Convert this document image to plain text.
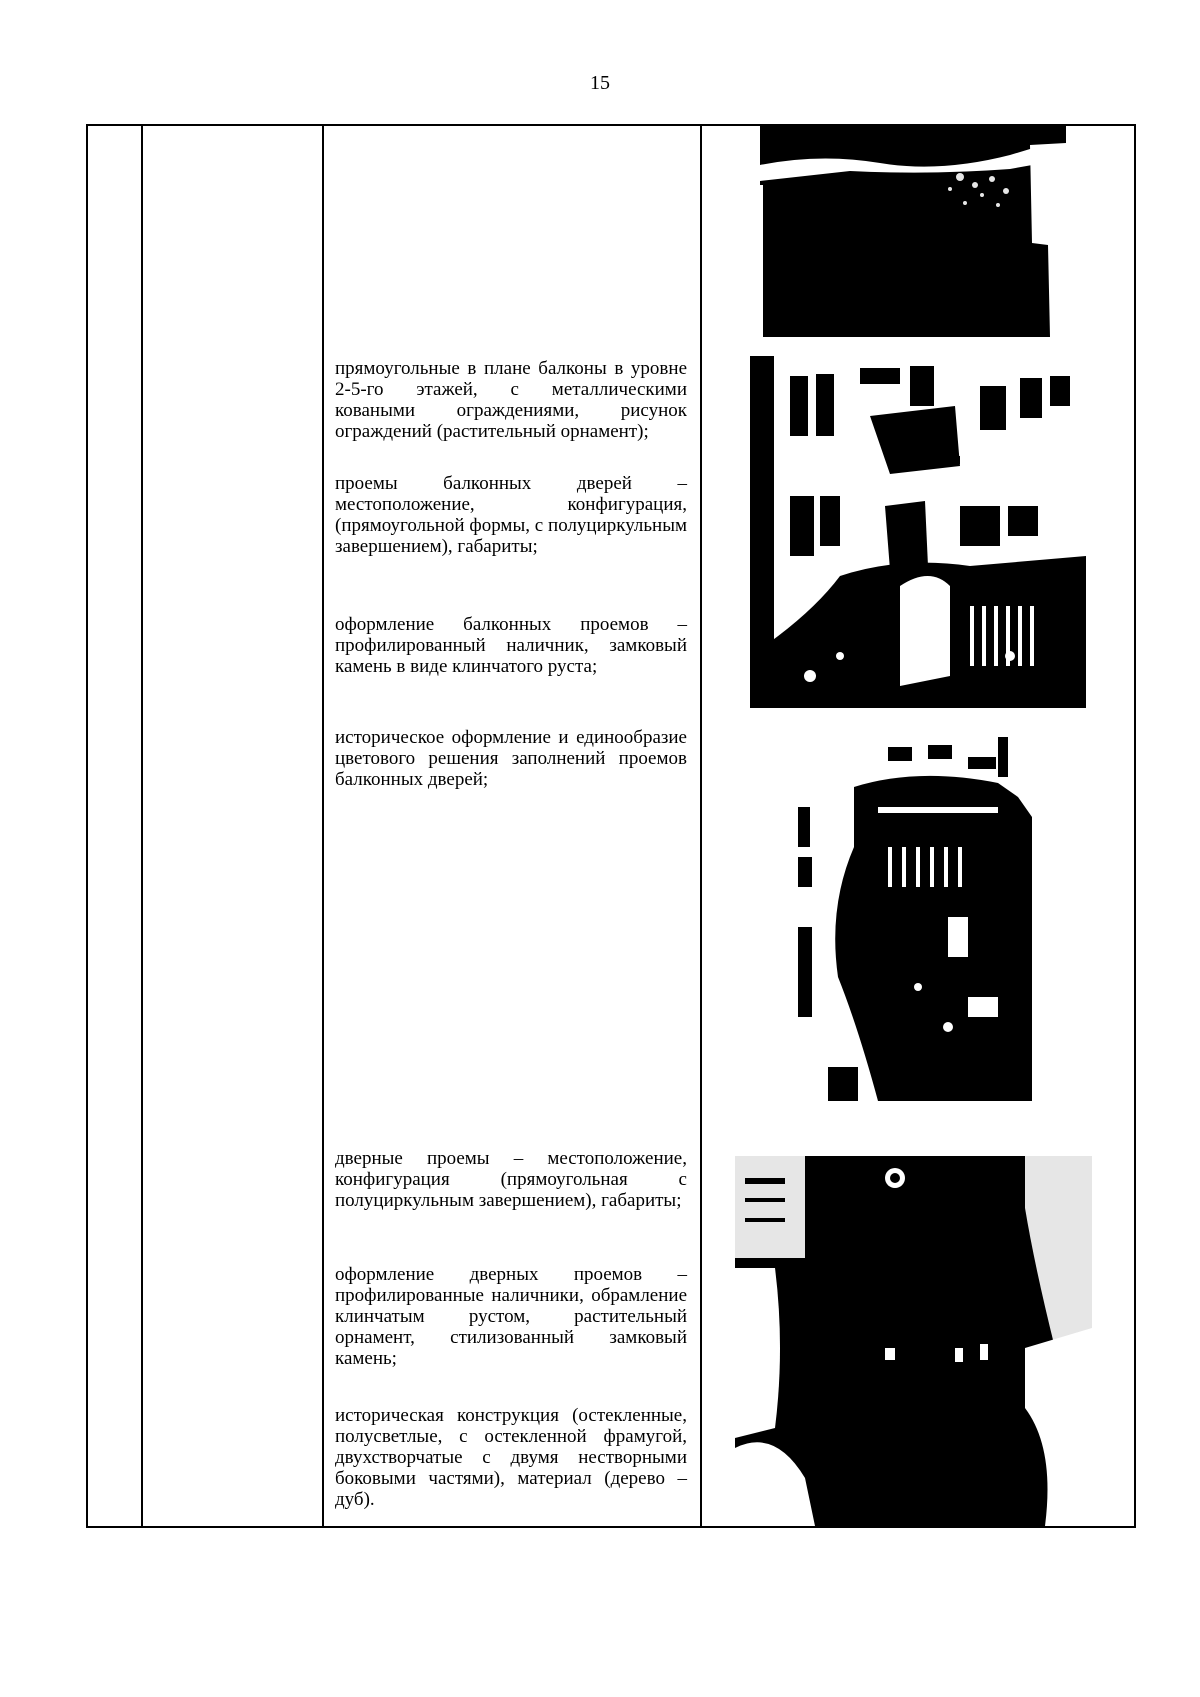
15
прямоугольные в плане балконы в уровне 2-5-го этажей, с металлическими коваными ограждениями, рисунок ограждений (растительный орнамент);
проемы балконных дверей – местоположение, конфигурация, (прямоугольной формы, с полуциркульным завершением), габариты;
оформление балконных проемов – профилированный наличник, замковый камень в виде клинчатого руста;
историческое оформление и единообразие цветового решения заполнений проемов балконных дверей;
дверные проемы – местоположение, конфигурация (прямоугольная с полуциркульным завершением), габариты;
оформление дверных проемов – профилированные наличники, обрамление клинчатым рустом, растительный орнамент, стилизованный замковый камень;
историческая конструкция (остекленные, полусветлые, с остекленной фрамугой, двухстворчатые с двумя нестворными боковыми частями), материал (дерево – дуб).
